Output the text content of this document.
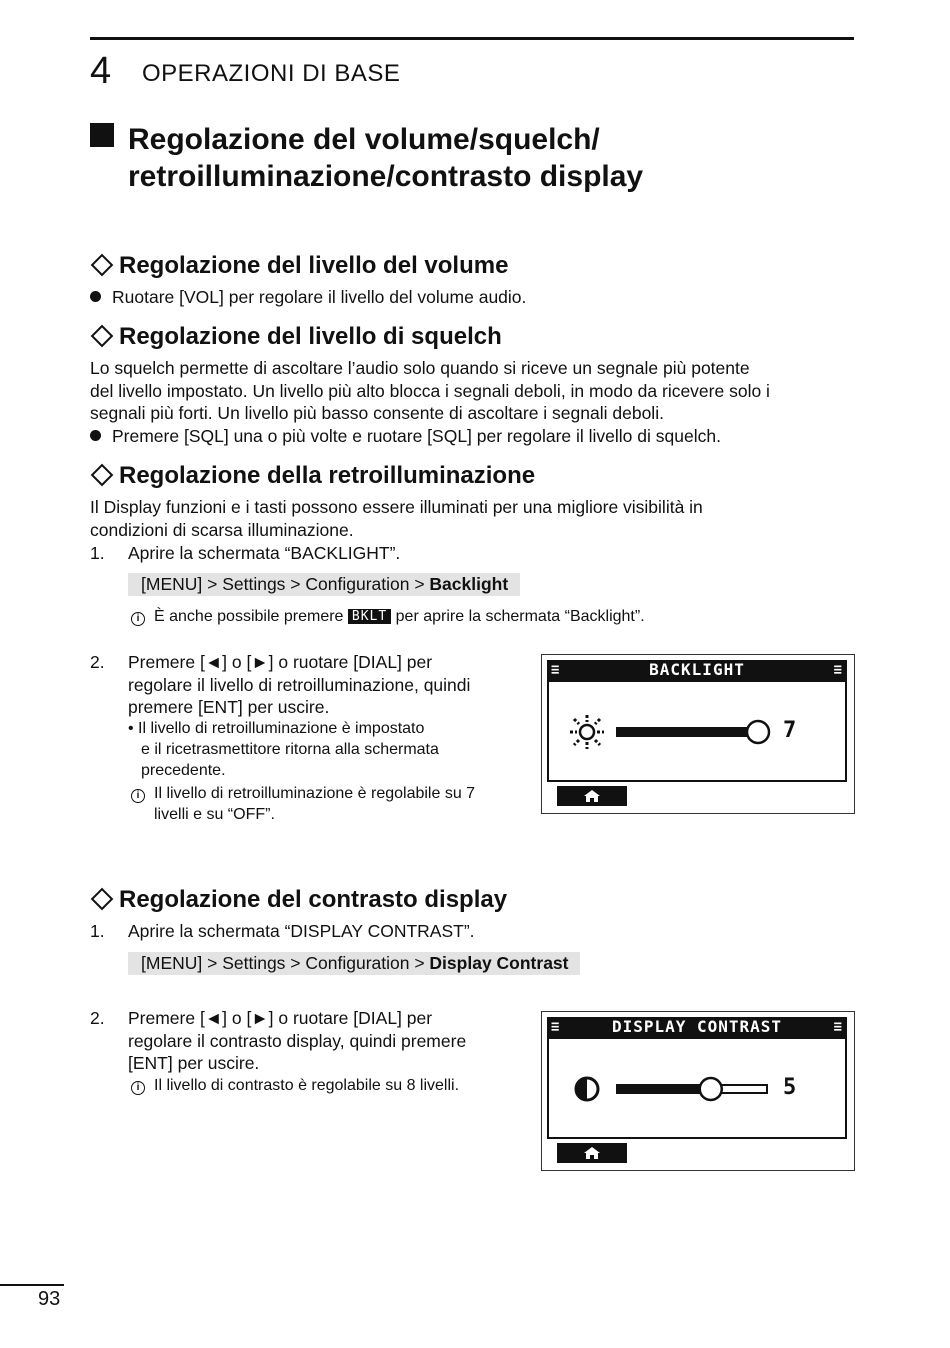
4 OPERAZIONI DI BASE
Regolazione del volume/squelch/
retroilluminazione/contrasto display
Regolazione del livello del volume
Ruotare [VOL] per regolare il livello del volume audio.
Regolazione del livello di squelch
Lo squelch permette di ascoltare l’audio solo quando si riceve un segnale più potente
del livello impostato. Un livello più alto blocca i segnali deboli, in modo da ricevere solo i
segnali più forti. Un livello più basso consente di ascoltare i segnali deboli.
Premere [SQL] una o più volte e ruotare [SQL] per regolare il livello di squelch.
Regolazione della retroilluminazione
Il Display funzioni e i tasti possono essere illuminati per una migliore visibilità in
condizioni di scarsa illuminazione.
1. Aprire la schermata “BACKLIGHT”.
[MENU] > Settings > Configuration > Backlight
i È anche possibile premere BKLT per aprire la schermata “Backlight”.
2. Premere [◄] o [►] o ruotare [DIAL] per
regolare il livello di retroilluminazione, quindi
premere [ENT] per uscire.
• Il livello di retroilluminazione è impostato
e il ricetrasmettitore ritorna alla schermata
precedente.
i Il livello di retroilluminazione è regolabile su 7
livelli e su “OFF”.
≡	BACKLIGHT	≡
7
Regolazione del contrasto display
1. Aprire la schermata “DISPLAY CONTRAST”.
[MENU] > Settings > Configuration > Display Contrast
2. Premere [◄] o [►] o ruotare [DIAL] per
regolare il contrasto display, quindi premere
[ENT] per uscire.
i Il livello di contrasto è regolabile su 8 livelli.
≡	DISPLAY CONTRAST	≡
5
93
